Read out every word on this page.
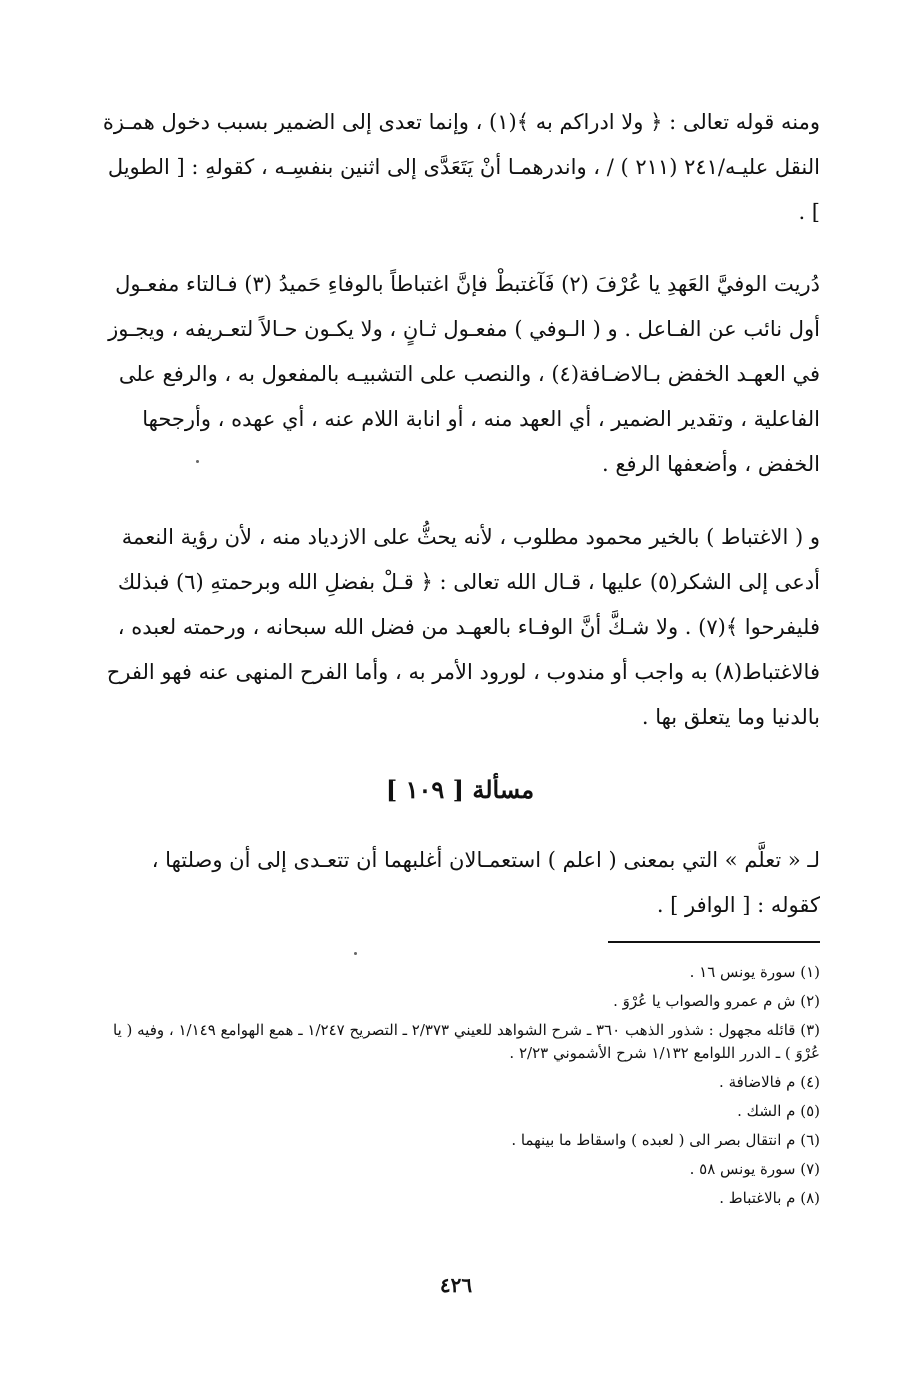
ومنه قوله تعالى : ﴿ ولا ادراكم به ﴾(١) ، وإنما تعدى إلى الضمير بسبب دخول همـزة النقل عليـه/٢٤١ (٢١١ ) / ، واندرهمـا أنْ يَتَعَدَّى إلى اثنين بنفسِـه ، كقولهِ : [ الطويل ] .

دُريت الوفيَّ العَهدِ يا عُرْفَ (٢) فَآغتبطْ فإنَّ اغتباطاً بالوفاءِ حَميدُ (٣) فـالتاء مفعـول أول نائب عن الفـاعل . و ( الـوفي ) مفعـول ثـانٍ ، ولا يكـون حـالاً لتعـريفه ، ويجـوز في العهـد الخفض بـالاضـافة(٤) ، والنصب على التشبيـه بالمفعول به ، والرفع على الفاعلية ، وتقدير الضمير ، أي العهد منه ، أو انابة اللام عنه ، أي عهده ، وأرجحها الخفض ، وأضعفها الرفع .

و ( الاغتباط ) بالخير محمود مطلوب ، لأنه يحثُّ على الازدياد منه ، لأن رؤية النعمة أدعى إلى الشكر(٥) عليها ، قـال الله تعالى : ﴿ قـلْ بفضلِ الله وبرحمتهِ (٦) فبذلك فليفرحوا ﴾(٧) . ولا شـكَّ أنَّ الوفـاء بالعهـد من فضل الله سبحانه ، ورحمته لعبده ، فالاغتباط(٨) به واجب أو مندوب ، لورود الأمر به ، وأما الفرح المنهى عنه فهو الفرح بالدنيا وما يتعلق بها .

مسألة [ ١٠٩ ]

لـ « تعلَّم » التي بمعنى ( اعلم ) استعمـالان أغلبهما أن تتعـدى إلى أن وصلتها ، كقوله : [ الوافر ] .

(١) سورة يونس ١٦ .
(٢) ش م عمرو والصواب يا عُرْوَ .
(٣) قائله مجهول : شذور الذهب ٣٦٠ ـ شرح الشواهد للعيني ٢/٣٧٣ ـ التصريح ١/٢٤٧ ـ همع الهوامع ١/١٤٩ ، وفيه ( يا عُرْوَ ) ـ الدرر اللوامع ١/١٣٢ شرح الأشموني ٢/٢٣ .
(٤) م فالاضافة .
(٥) م الشك .
(٦) م انتقال بصر الى ( لعبده ) واسقاط ما بينهما .
(٧) سورة يونس ٥٨ .
(٨) م بالاغتباط .
٤٢٦
